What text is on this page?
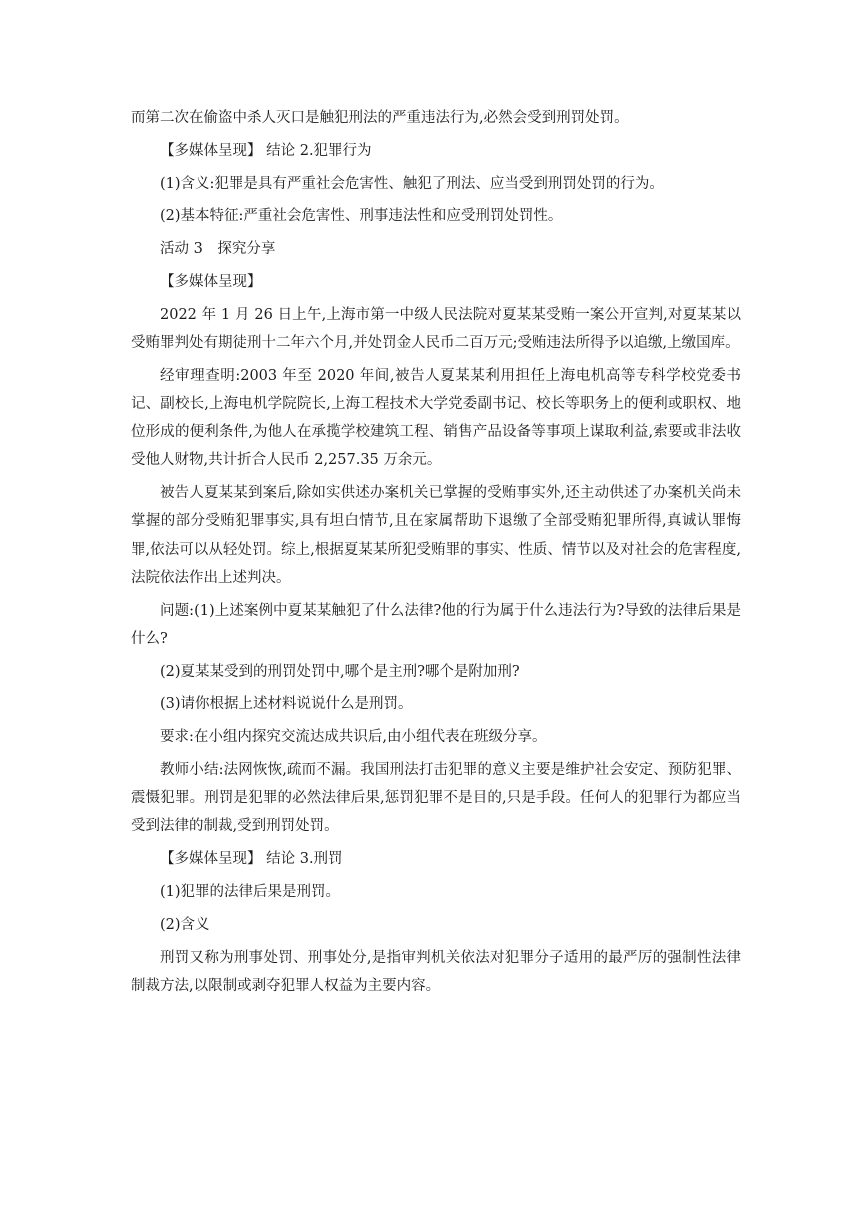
而第二次在偷盗中杀人灭口是触犯刑法的严重违法行为,必然会受到刑罚处罚。

【多媒体呈现】 结论 2.犯罪行为

(1)含义:犯罪是具有严重社会危害性、触犯了刑法、应当受到刑罚处罚的行为。

(2)基本特征:严重社会危害性、刑事违法性和应受刑罚处罚性。

活动 3　探究分享

【多媒体呈现】

2022 年 1 月 26 日上午,上海市第一中级人民法院对夏某某受贿一案公开宣判,对夏某某以受贿罪判处有期徒刑十二年六个月,并处罚金人民币二百万元;受贿违法所得予以追缴,上缴国库。

经审理查明:2003 年至 2020 年间,被告人夏某某利用担任上海电机高等专科学校党委书记、副校长,上海电机学院院长,上海工程技术大学党委副书记、校长等职务上的便利或职权、地位形成的便利条件,为他人在承揽学校建筑工程、销售产品设备等事项上谋取利益,索要或非法收受他人财物,共计折合人民币 2,257.35 万余元。

被告人夏某某到案后,除如实供述办案机关已掌握的受贿事实外,还主动供述了办案机关尚未掌握的部分受贿犯罪事实,具有坦白情节,且在家属帮助下退缴了全部受贿犯罪所得,真诚认罪悔罪,依法可以从轻处罚。综上,根据夏某某所犯受贿罪的事实、性质、情节以及对社会的危害程度,法院依法作出上述判决。

问题:(1)上述案例中夏某某触犯了什么法律?他的行为属于什么违法行为?导致的法律后果是什么?

(2)夏某某受到的刑罚处罚中,哪个是主刑?哪个是附加刑?

(3)请你根据上述材料说说什么是刑罚。

要求:在小组内探究交流达成共识后,由小组代表在班级分享。

教师小结:法网恢恢,疏而不漏。我国刑法打击犯罪的意义主要是维护社会安定、预防犯罪、震慑犯罪。刑罚是犯罪的必然法律后果,惩罚犯罪不是目的,只是手段。任何人的犯罪行为都应当受到法律的制裁,受到刑罚处罚。

【多媒体呈现】 结论 3.刑罚

(1)犯罪的法律后果是刑罚。

(2)含义

刑罚又称为刑事处罚、刑事处分,是指审判机关依法对犯罪分子适用的最严厉的强制性法律制裁方法,以限制或剥夺犯罪人权益为主要内容。
